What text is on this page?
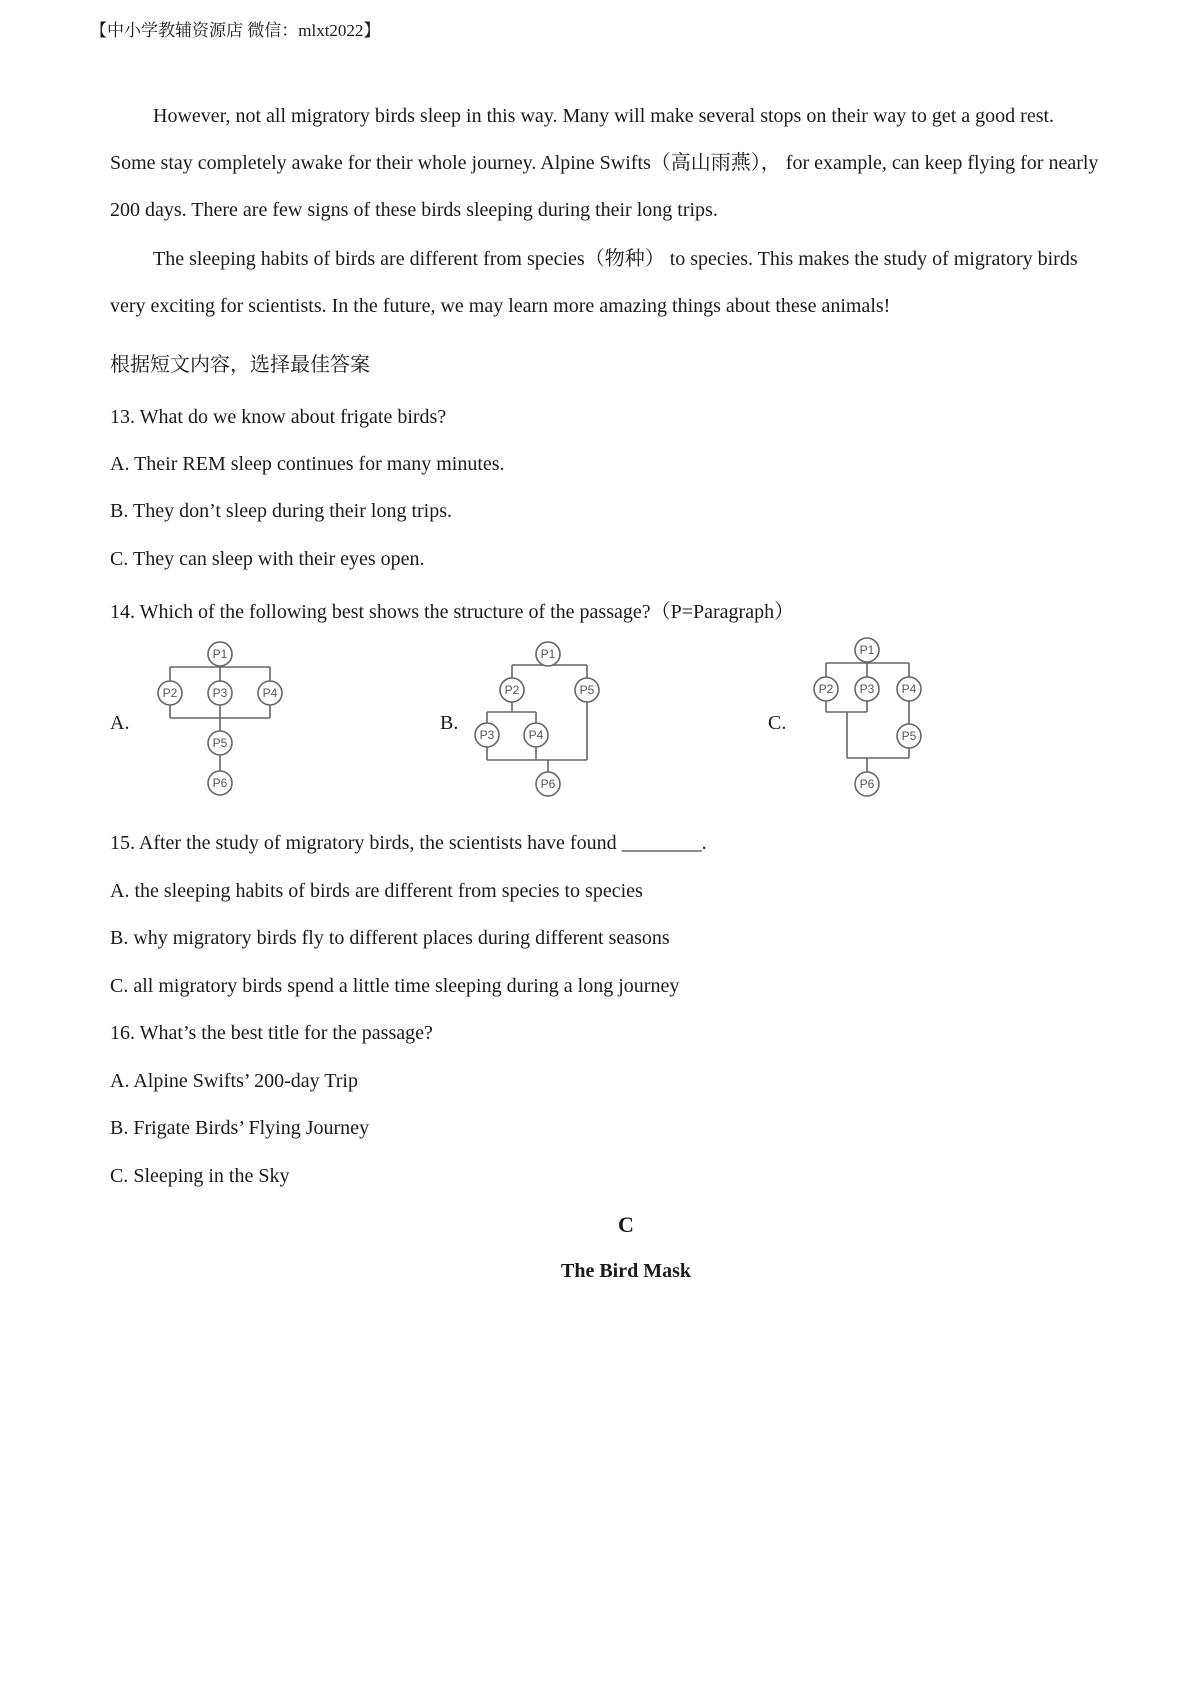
【中小学教辅资源店 微信：mlxt2022】

However, not all migratory birds sleep in this way. Many will make several stops on their way to get a good rest. Some stay completely awake for their whole journey. Alpine Swifts（高山雨燕）， for example, can keep flying for nearly 200 days. There are few signs of these birds sleeping during their long trips.

The sleeping habits of birds are different from species（物种） to species. This makes the study of migratory birds very exciting for scientists. In the future, we may learn more amazing things about these animals!

根据短文内容，选择最佳答案
13. What do we know about frigate birds?
A. Their REM sleep continues for many minutes.
B. They don’t sleep during their long trips.
C. They can sleep with their eyes open.
14. Which of the following best shows the structure of the passage?（P=Paragraph）
A.
P1
P2	P3	P4
P5
P6
B.
P1
P2	P5
P3	P4
P6
C.
P1
P2 P3 P4
P5
P6
15. After the study of migratory birds, the scientists have found ________.
A. the sleeping habits of birds are different from species to species
B. why migratory birds fly to different places during different seasons
C. all migratory birds spend a little time sleeping during a long journey
16. What’s the best title for the passage?
A. Alpine Swifts’ 200-day Trip
B. Frigate Birds’ Flying Journey
C. Sleeping in the Sky
C
The Bird Mask
